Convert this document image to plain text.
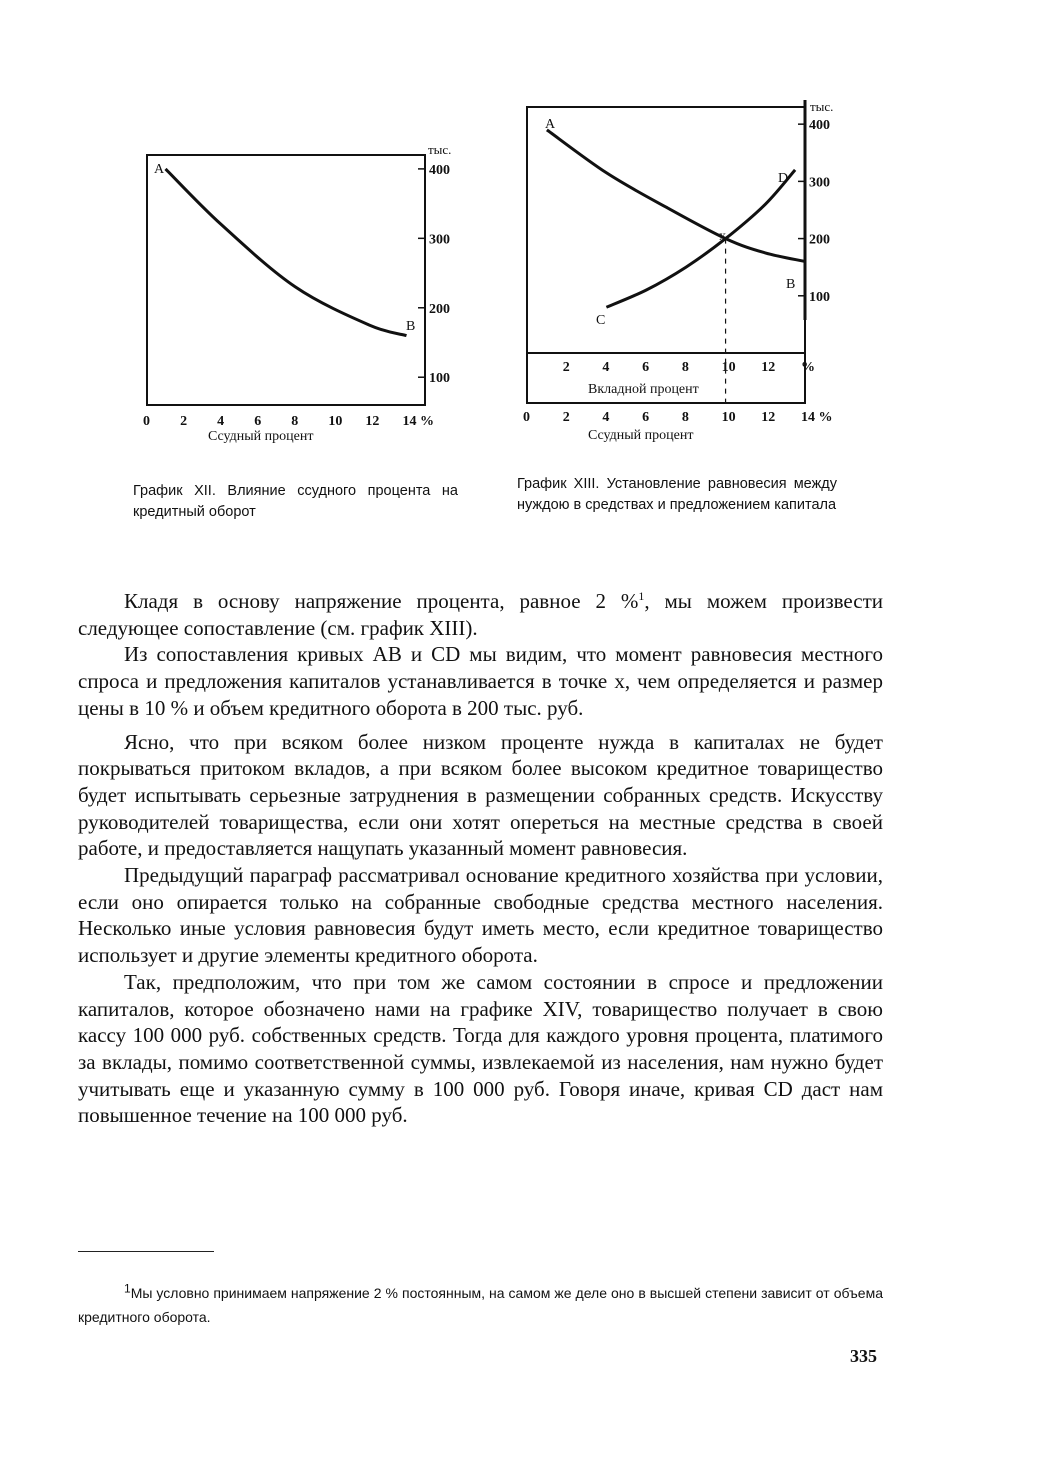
тыс.
400
300
200
100
0 2 4 6 8 10 12 14 %
A
B
Ссудный процент

График XII. Влияние ссудного процента на кредитный оборот

тыс.
400
300
200
100
2 4 6 8 10 12 %
0 2 4 6 8 10 12 14 %
A
D
x
B
C
Вкладной процент
Ссудный процент

График XIII. Установление равновесия между нуждою в средствах и предложением капитала

Кладя в основу напряжение процента, равное 2 %$^1$, мы можем произвести следующее сопоставление (см. график XIII).

Из сопоставления кривых AB и CD мы видим, что момент равновесия местного спроса и предложения капиталов устанавливается в точке x, чем определяется и размер цены в 10 % и объем кредитного оборота в 200 тыс. руб.

Ясно, что при всяком более низком проценте нужда в капиталах не будет покрываться притоком вкладов, а при всяком более высоком кредитное товарищество будет испытывать серьезные затруднения в размещении собранных средств. Искусству руководителей товарищества, если они хотят опереться на местные средства в своей работе, и предоставляется нащупать указанный момент равновесия.

Предыдущий параграф рассматривал основание кредитного хозяйства при условии, если оно опирается только на собранные свободные средства местного населения. Несколько иные условия равновесия будут иметь место, если кредитное товарищество использует и другие элементы кредитного оборота.

Так, предположим, что при том же самом состоянии в спросе и предложении капиталов, которое обозначено нами на графике XIV, товарищество получает в свою кассу 100 000 руб. собственных средств. Тогда для каждого уровня процента, платимого за вклады, помимо соответственной суммы, извлекаемой из населения, нам нужно будет учитывать еще и указанную сумму в 100 000 руб. Говоря иначе, кривая CD даст нам повышенное течение на 100 000 руб.

$^1$Мы условно принимаем напряжение 2 % постоянным, на самом же деле оно в высшей степени зависит от объема кредитного оборота.

335
